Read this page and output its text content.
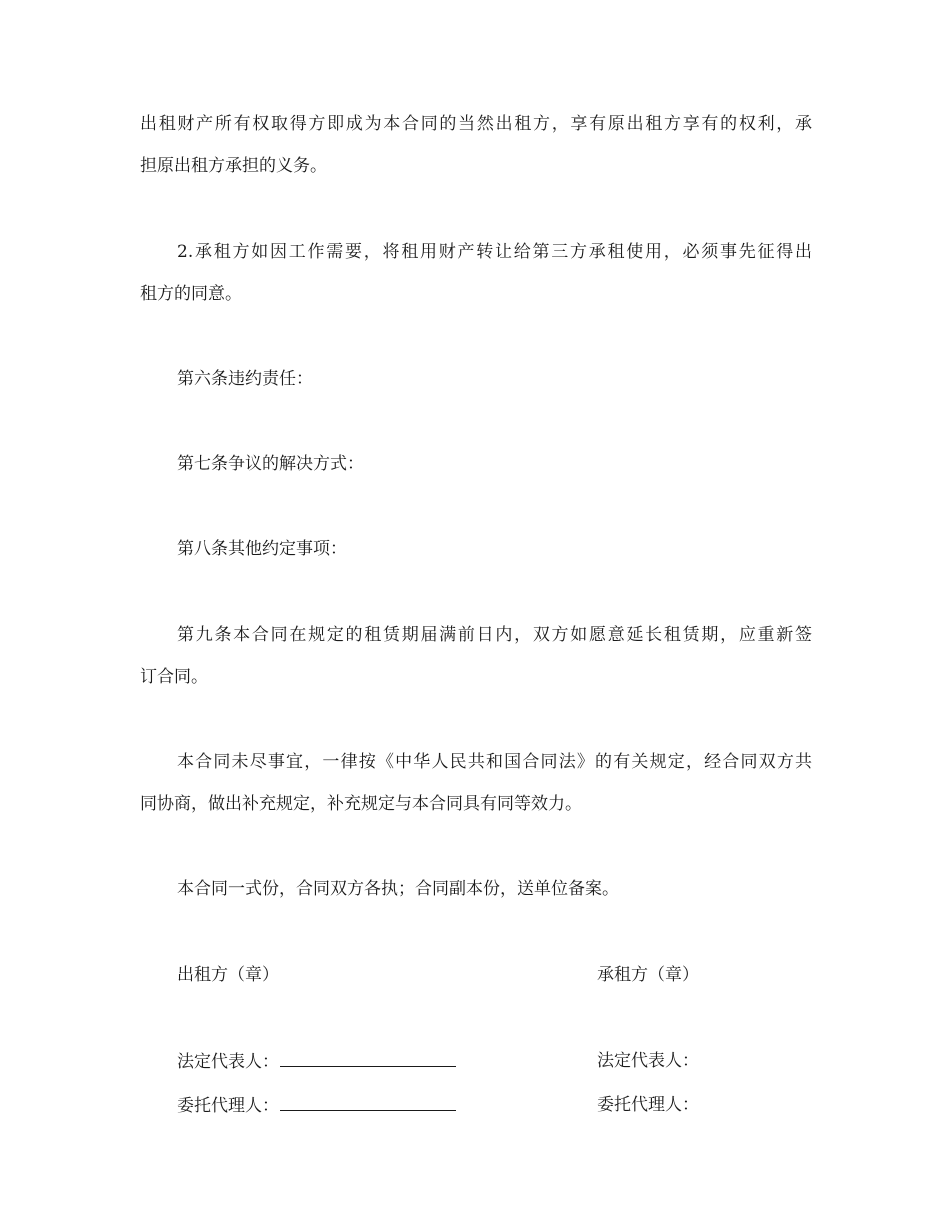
出租财产所有权取得方即成为本合同的当然出租方，享有原出租方享有的权利，承
担原出租方承担的义务。
2.承租方如因工作需要，将租用财产转让给第三方承租使用，必须事先征得出
租方的同意。
第六条违约责任：
第七条争议的解决方式：
第八条其他约定事项：
第九条本合同在规定的租赁期届满前日内，双方如愿意延长租赁期，应重新签
订合同。
本合同未尽事宜，一律按《中华人民共和国合同法》的有关规定，经合同双方共
同协商，做出补充规定，补充规定与本合同具有同等效力。
本合同一式份，合同双方各执；合同副本份，送单位备案。
出租方（章）	承租方（章）
法定代表人：	法定代表人：
委托代理人：	委托代理人：
